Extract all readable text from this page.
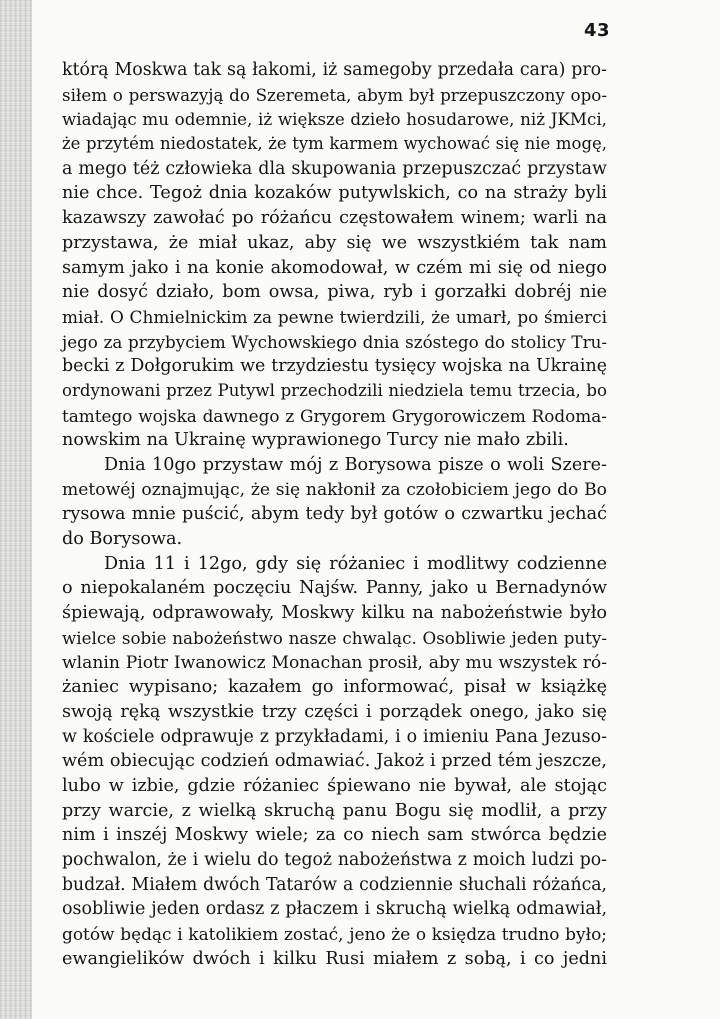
43
którą Moskwa tak są łakomi, iż samegoby przedała cara) pro-
siłem o perswazyją do Szeremeta, abym był przepuszczony opo-
wiadając mu odemnie, iż większe dzieło hosudarowe, niż JKMci,
że przytém niedostatek, że tym karmem wychować się nie mogę,
a mego téż człowieka dla skupowania przepuszczać przystaw
nie chce. Tegoż dnia kozaków putywlskich, co na straży byli
kazawszy zawołać po różańcu częstowałem winem; warli na
przystawa, że miał ukaz, aby się we wszystkiém tak nam
samym jako i na konie akomodował, w czém mi się od niego
nie dosyć działo, bom owsa, piwa, ryb i gorzałki dobréj nie
miał. O Chmielnickim za pewne twierdzili, że umarł, po śmierci
jego za przybyciem Wychowskiego dnia szóstego do stolicy Tru-
becki z Dołgorukim we trzydziestu tysięcy wojska na Ukrainę
ordynowani przez Putywl przechodzili niedziela temu trzecia, bo
tamtego wojska dawnego z Grygorem Grygorowiczem Rodoma-
nowskim na Ukrainę wyprawionego Turcy nie mało zbili.
Dnia 10go przystaw mój z Borysowa pisze o woli Szere-
metowéj oznajmując, że się nakłonił za czołobiciem jego do Bo
rysowa mnie puścić, abym tedy był gotów o czwartku jechać
do Borysowa.
Dnia 11 i 12go, gdy się różaniec i modlitwy codzienne
o niepokalaném poczęciu Najśw. Panny, jako u Bernadynów
śpiewają, odprawowały, Moskwy kilku na nabożeństwie było
wielce sobie nabożeństwo nasze chwaląc. Osobliwie jeden puty-
wlanin Piotr Iwanowicz Monachan prosił, aby mu wszystek ró-
żaniec wypisano; kazałem go informować, pisał w książkę
swoją ręką wszystkie trzy części i porządek onego, jako się
w kościele odprawuje z przykładami, i o imieniu Pana Jezuso-
wém obiecując codzień odmawiać. Jakoż i przed tém jeszcze,
lubo w izbie, gdzie różaniec śpiewano nie bywał, ale stojąc
przy warcie, z wielką skruchą panu Bogu się modlił, a przy
nim i inszéj Moskwy wiele; za co niech sam stwórca będzie
pochwalon, że i wielu do tegoż nabożeństwa z moich ludzi po-
budzał. Miałem dwóch Tatarów a codziennie słuchali różańca,
osobliwie jeden ordasz z płaczem i skruchą wielką odmawiał,
gotów będąc i katolikiem zostać, jeno że o księdza trudno było;
ewangielików dwóch i kilku Rusi miałem z sobą, i co jedni
